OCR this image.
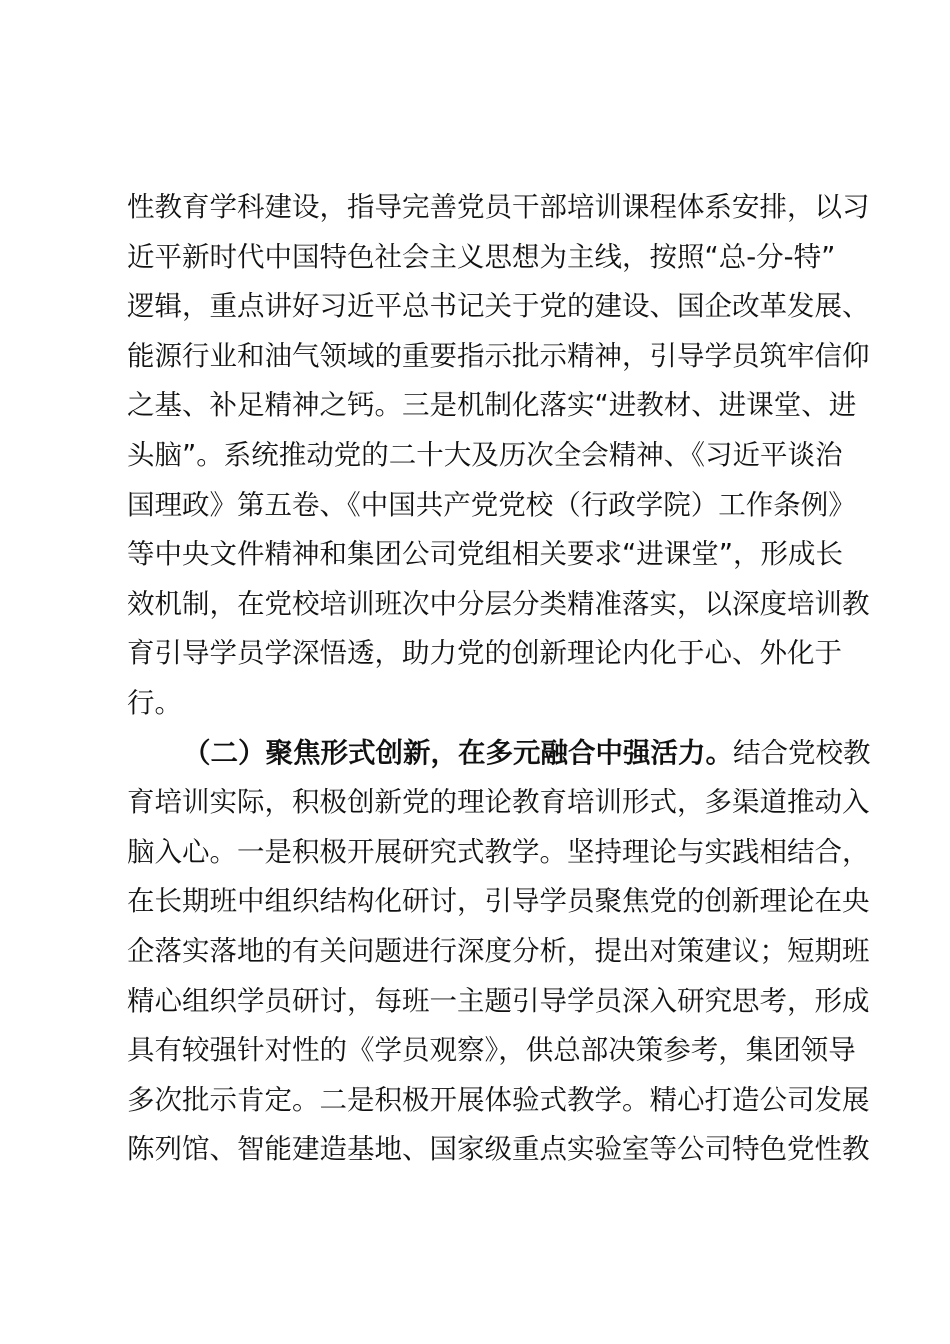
性教育学科建设，指导完善党员干部培训课程体系安排，以习
近平新时代中国特色社会主义思想为主线，按照“总-分-特”
逻辑，重点讲好习近平总书记关于党的建设、国企改革发展、
能源行业和油气领域的重要指示批示精神，引导学员筑牢信仰
之基、补足精神之钙。三是机制化落实“进教材、进课堂、进
头脑”。系统推动党的二十大及历次全会精神、《习近平谈治
国理政》第五卷、《中国共产党党校（行政学院）工作条例》
等中央文件精神和集团公司党组相关要求“进课堂”，形成长
效机制，在党校培训班次中分层分类精准落实，以深度培训教
育引导学员学深悟透，助力党的创新理论内化于心、外化于
行。
（二）聚焦形式创新，在多元融合中强活力。结合党校教
育培训实际，积极创新党的理论教育培训形式，多渠道推动入
脑入心。一是积极开展研究式教学。坚持理论与实践相结合，
在长期班中组织结构化研讨，引导学员聚焦党的创新理论在央
企落实落地的有关问题进行深度分析，提出对策建议；短期班
精心组织学员研讨，每班一主题引导学员深入研究思考，形成
具有较强针对性的《学员观察》，供总部决策参考，集团领导
多次批示肯定。二是积极开展体验式教学。精心打造公司发展
陈列馆、智能建造基地、国家级重点实验室等公司特色党性教
